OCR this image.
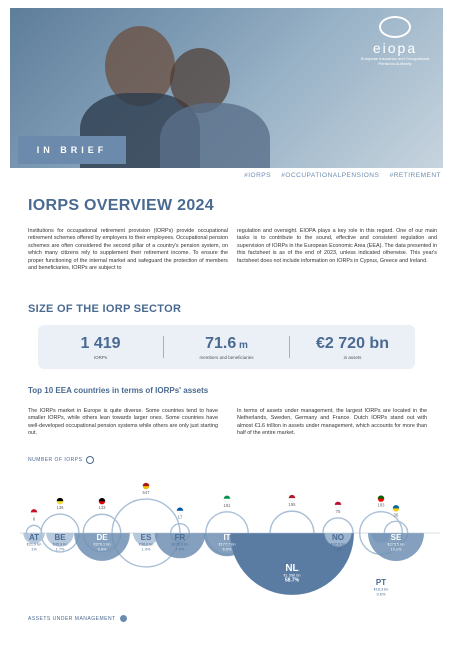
eiopa
European Insurance and Occupational Pensions Authority
IN BRIEF
#IORPS #OCCUPATIONALPENSIONS #RETIREMENT
IORPS OVERVIEW 2024

Institutions for occupational retirement provision (IORPs) provide occupational retirement schemes offered by employers to their employees. Occupational pension schemes are often considered the second pillar of a country's pension system, on which many citizens rely to supplement their retirement income. To ensure the proper functioning of the internal market and safeguard the protection of members and beneficiaries, IORPs are subject to

regulation and oversight. EIOPA plays a key role in this regard. One of our main tasks is to contribute to the sound, effective and consistent regulation and supervision of IORPs in the European Economic Area (EEA). The data presented in this factsheet is as of the end of 2023, unless indicated otherwise. This year's factsheet does not include information on IORPs in Cyprus, Greece and Ireland.

SIZE OF THE IORP SECTOR
1 419
IORPs
71.6 m
members and beneficiaries
€2 720 bn
in assets
Top 10 EEA countries in terms of IORPs' assets

The IORPs market in Europe is quite diverse. Some countries tend to have smaller IORPs, while others lean towards larger ones. Some countries have well-developed occupational pension systems while others are only just starting out.

In terms of assets under management, the largest IORPs are located in the Netherlands, Sweden, Germany and France. Dutch IORPs stand out with almost €1.6 trillion in assets under management, which accounts for more than half of the entire market.

NUMBER OF IORPS
8
AT
€21.9 bn
1%
136
BE
€45.3 bn
1.7%
133
DE
€270.1 bn
9.9%
547
ES
€38.0 bn
1.4%
17
FR
€215.9 bn
7.9%
181
IT
€177.7 bn
6.5%
195
NL
€1 596 bn
58.7%
75
NO
€42.6 bn
1.6%
183
PT
€16.3 bn
0.6%
36
SE
€273.5 bn
10.1%
ASSETS UNDER MANAGEMENT
